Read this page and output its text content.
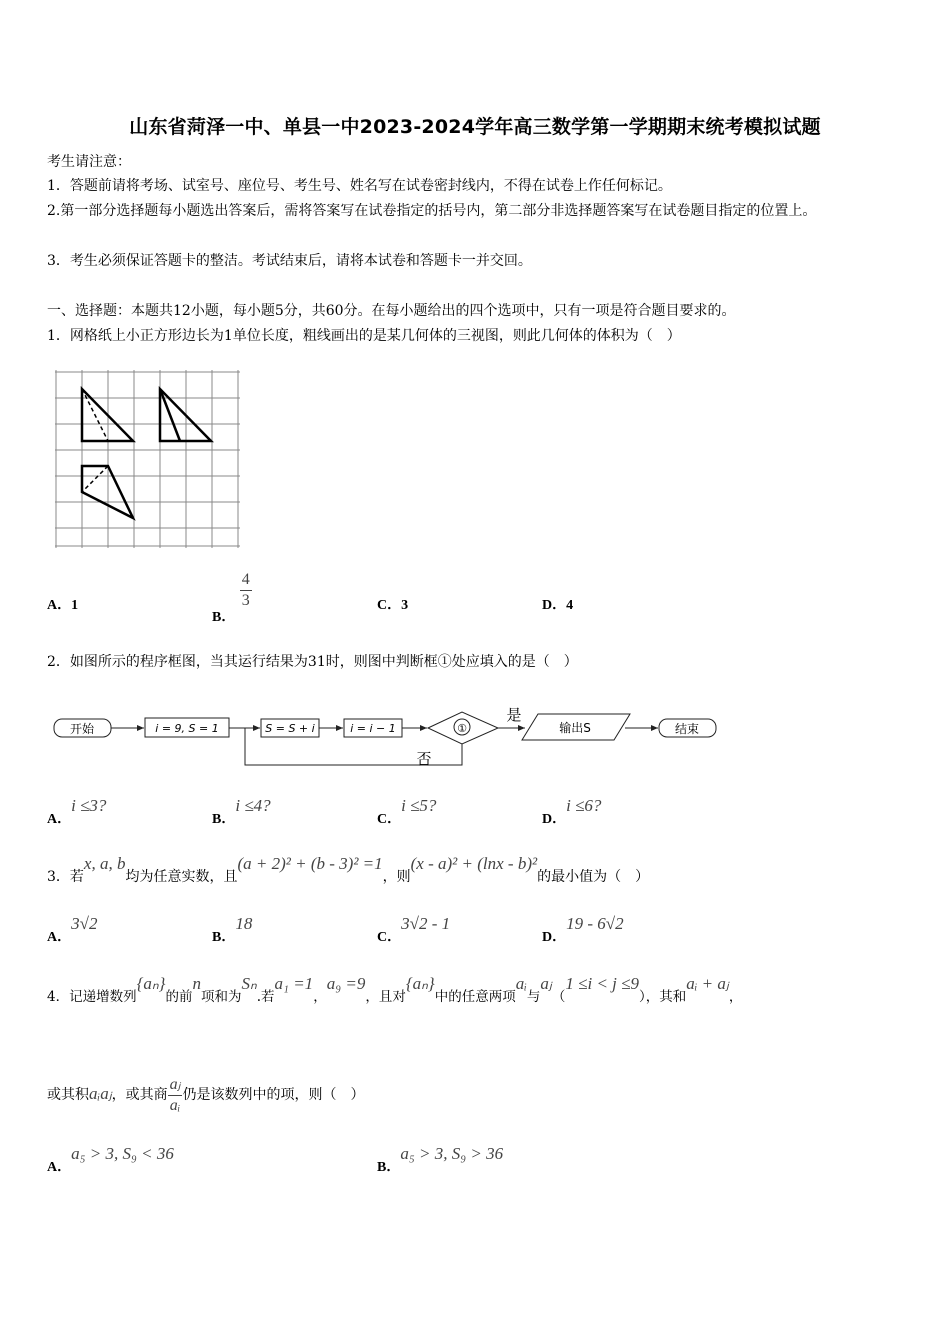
山东省菏泽一中、单县一中2023-2024学年高三数学第一学期期末统考模拟试题
考生请注意：
1．答题前请将考场、试室号、座位号、考生号、姓名写在试卷密封线内，不得在试卷上作任何标记。
2.第一部分选择题每小题选出答案后，需将答案写在试卷指定的括号内，第二部分非选择题答案写在试卷题目指定的位置上。
3．考生必须保证答题卡的整洁。考试结束后，请将本试卷和答题卡一并交回。
一、选择题：本题共12小题，每小题5分，共60分。在每小题给出的四个选项中，只有一项是符合题目要求的。
1．网格纸上小正方形边长为1单位长度，粗线画出的是某几何体的三视图，则此几何体的体积为（　）
A．1
B．
$\frac{4}{3}$	C．3	D．4
2．如图所示的程序框图，当其运行结果为31时，则图中判断框①处应填入的是（　）
开始	i = 9, S = 1	S = S + i	i = i − 1	①
是
否
输出S	结束
A．i ≤3?
B．i ≤4?
C．i ≤5?
D．i ≤6?
3．若x, a, b均为任意实数，且(a + 2)² + (b - 3)² =1，则(x - a)² + (lnx - b)²的最小值为（　）
A．3√2
B．18
C．3√2 - 1
D．19 - 6√2
4．记递增数列{aₙ}的前n项和为Sₙ.若a₁ =1，a₉ =9，且对{aₙ}中的任意两项aᵢ与aⱼ（1 ≤i < j ≤9），其和aᵢ + aⱼ，
或其积aᵢaⱼ，或其商 $\frac{\text{aⱼ}}{\text{aᵢ}}$ 仍是该数列中的项，则（　）
A．a₅ > 3, S₉ < 36
B．a₅ > 3, S₉ > 36
